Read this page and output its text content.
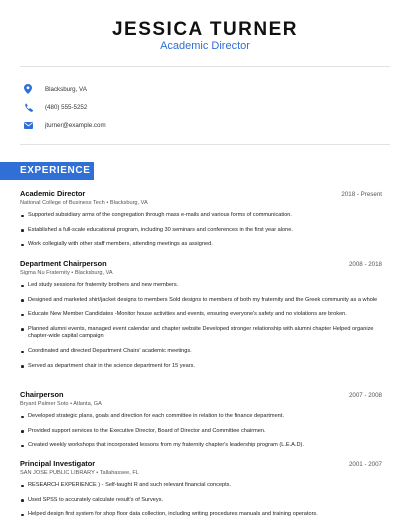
JESSICA TURNER
Academic Director
Blacksburg, VA
(480) 555-5252
jturner@example.com
EXPERIENCE
Academic Director	2018 - Present
National College of Business Tech • Blacksburg, VA
Supported subsidiary arms of the congregation through mass e-mails and various forms of communication.
Established a full-scale educational program, including 30 seminars and conferences in the first year alone.
Work collegially with other staff members, attending meetings as assigned.
Department Chairperson	2008 - 2018
Sigma Nu Fraternity • Blacksburg, VA
Led study sessions for fraternity brothers and new members.
Designed and marketed shirt/jacket designs to members Sold designs to members of both my fraternity and the Greek community as a whole
Educate New Member Candidates -Monitor house activities and events, ensuring everyone's safety and no violations are broken.
Planned alumni events, managed event calendar and chapter website Developed stronger relationship with alumni chapter Helped organize chapter-wide capital campaign
Coordinated and directed Department Chairs' academic meetings.
Served as department chair in the science department for 15 years.
Chairperson	2007 - 2008
Bryant Palmer Soto • Atlanta, GA
Developed strategic plans, goals and direction for each committee in relation to the finance department.
Provided support services to the Executive Director, Board of Director and Committee chairmen.
Created weekly workshops that incorporated lessons from my fraternity chapter's leadership program (L.E.A.D).
Principal Investigator	2001 - 2007
SAN JOSE PUBLIC LIBRARY • Tallahassee, FL
RESEARCH EXPERIENCE ) - Self-taught R and such relevant financial concepts.
Used SPSS to accurately calculate result's of Surveys.
Helped design first system for shop floor data collection, including writing procedures manuals and training operators.
